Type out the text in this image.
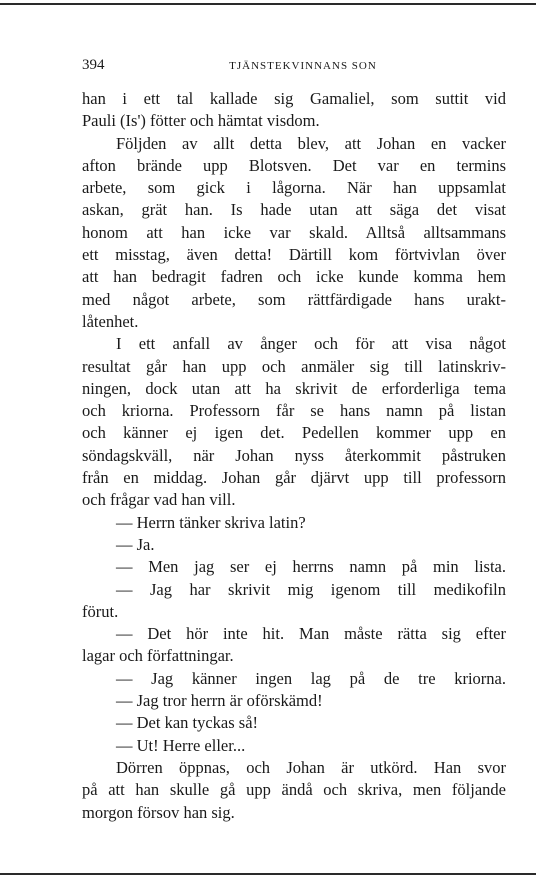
394	TJÄNSTEKVINNANS SON
han i ett tal kallade sig Gamaliel, som suttit vid
Pauli (Is') fötter och hämtat visdom.
Följden av allt detta blev, att Johan en vacker
afton brände upp Blotsven. Det var en termins
arbete, som gick i lågorna. När han uppsamlat
askan, grät han. Is hade utan att säga det visat
honom att han icke var skald. Alltså alltsammans
ett misstag, även detta! Därtill kom förtvivlan över
att han bedragit fadren och icke kunde komma hem
med något arbete, som rättfärdigade hans urakt-
låtenhet.
I ett anfall av ånger och för att visa något
resultat går han upp och anmäler sig till latinskriv-
ningen, dock utan att ha skrivit de erforderliga tema
och kriorna. Professorn får se hans namn på listan
och känner ej igen det. Pedellen kommer upp en
söndagskväll, när Johan nyss återkommit påstruken
från en middag. Johan går djärvt upp till professorn
och frågar vad han vill.
— Herrn tänker skriva latin?
— Ja.
— Men jag ser ej herrns namn på min lista.
— Jag har skrivit mig igenom till medikofiln
förut.
— Det hör inte hit. Man måste rätta sig efter
lagar och författningar.
— Jag känner ingen lag på de tre kriorna.
— Jag tror herrn är oförskämd!
— Det kan tyckas så!
— Ut! Herre eller...
Dörren öppnas, och Johan är utkörd. Han svor
på att han skulle gå upp ändå och skriva, men följande
morgon försov han sig.
